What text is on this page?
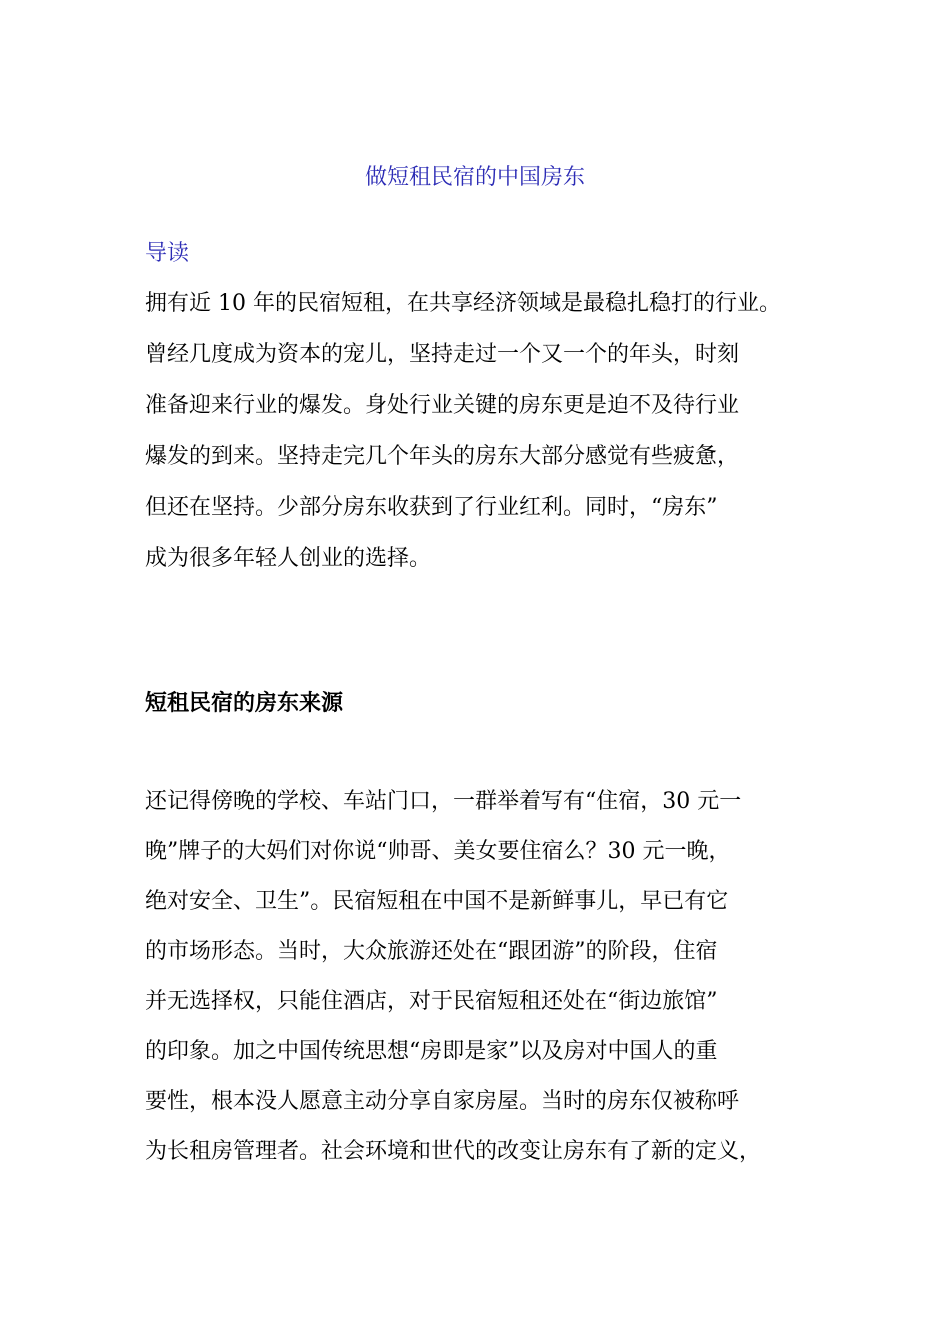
做短租民宿的中国房东

导读

拥有近 10 年的民宿短租，在共享经济领域是最稳扎稳打的行业。
曾经几度成为资本的宠儿，坚持走过一个又一个的年头，时刻
准备迎来行业的爆发。身处行业关键的房东更是迫不及待行业
爆发的到来。坚持走完几个年头的房东大部分感觉有些疲惫，
但还在坚持。少部分房东收获到了行业红利。同时，“房东”
成为很多年轻人创业的选择。
短租民宿的房东来源
还记得傍晚的学校、车站门口，一群举着写有“住宿，30 元一
晚”牌子的大妈们对你说“帅哥、美女要住宿么？30 元一晚，
绝对安全、卫生”。民宿短租在中国不是新鲜事儿，早已有它
的市场形态。当时，大众旅游还处在“跟团游”的阶段，住宿
并无选择权，只能住酒店，对于民宿短租还处在“街边旅馆”
的印象。加之中国传统思想“房即是家”以及房对中国人的重
要性，根本没人愿意主动分享自家房屋。当时的房东仅被称呼
为长租房管理者。社会环境和世代的改变让房东有了新的定义，
